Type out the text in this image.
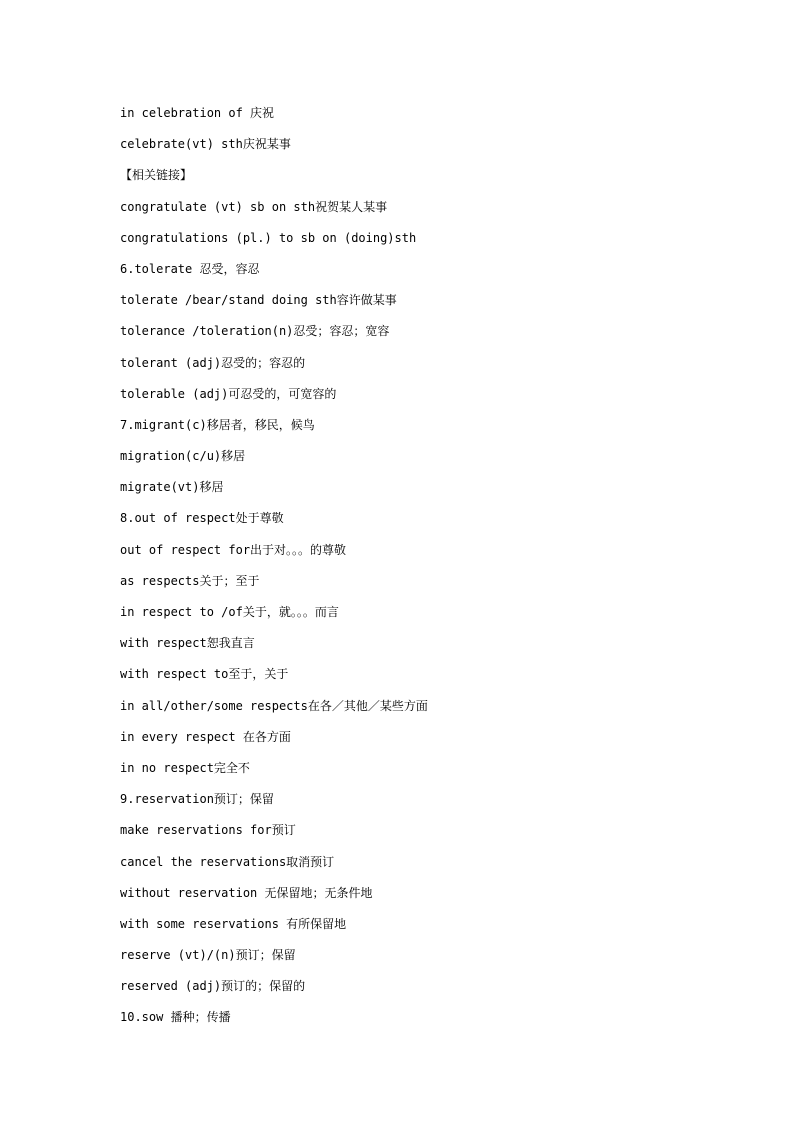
in celebration of 庆祝
celebrate(vt) sth庆祝某事
【相关链接】
congratulate (vt) sb on sth祝贺某人某事
congratulations (pl.) to sb on (doing)sth
6.tolerate 忍受，容忍
tolerate /bear/stand doing sth容许做某事
tolerance /toleration(n)忍受；容忍；宽容
tolerant (adj)忍受的；容忍的
tolerable (adj)可忍受的，可宽容的
7.migrant(c)移居者，移民，候鸟
migration(c/u)移居
migrate(vt)移居
8.out of respect处于尊敬
out of respect for出于对。。。的尊敬
as respects关于；至于
in respect to /of关于，就。。。而言
with respect恕我直言
with respect to至于，关于
in all/other/some respects在各／其他／某些方面
in every respect 在各方面
in no respect完全不
9.reservation预订；保留
make reservations for预订
cancel the reservations取消预订
without reservation 无保留地；无条件地
with some reservations 有所保留地
reserve (vt)/(n)预订；保留
reserved (adj)预订的；保留的
10.sow 播种；传播
